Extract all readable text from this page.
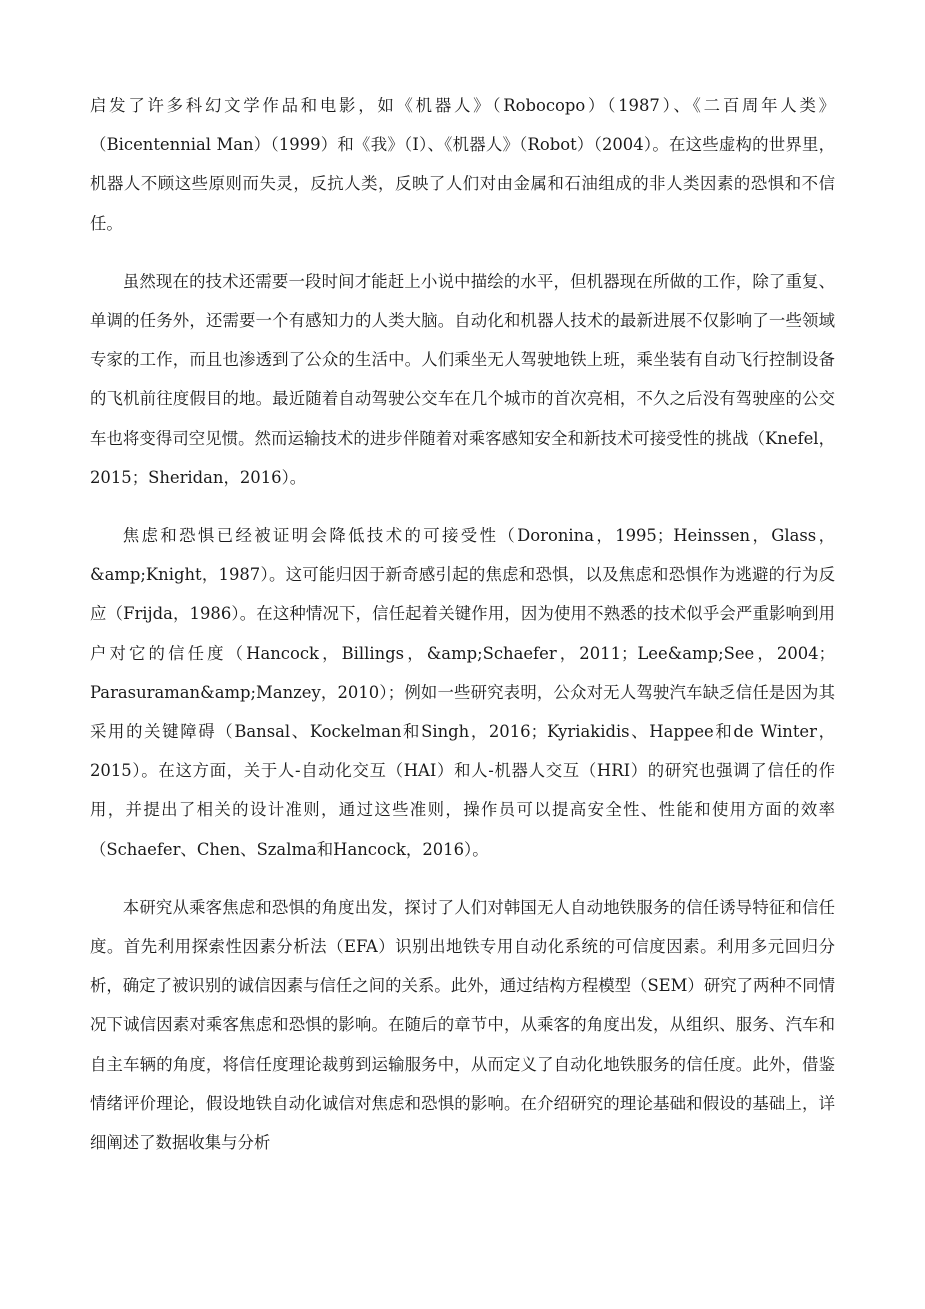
启发了许多科幻文学作品和电影，如《机器人》（Robocopo）（1987）、《二百周年人类》（Bicentennial Man）（1999）和《我》（I）、《机器人》（Robot）（2004）。在这些虚构的世界里，机器人不顾这些原则而失灵，反抗人类，反映了人们对由金属和石油组成的非人类因素的恐惧和不信任。

虽然现在的技术还需要一段时间才能赶上小说中描绘的水平，但机器现在所做的工作，除了重复、单调的任务外，还需要一个有感知力的人类大脑。自动化和机器人技术的最新进展不仅影响了一些领域专家的工作，而且也渗透到了公众的生活中。人们乘坐无人驾驶地铁上班，乘坐装有自动飞行控制设备的飞机前往度假目的地。最近随着自动驾驶公交车在几个城市的首次亮相，不久之后没有驾驶座的公交车也将变得司空见惯。然而运输技术的进步伴随着对乘客感知安全和新技术可接受性的挑战（Knefel，2015；Sheridan，2016）。

焦虑和恐惧已经被证明会降低技术的可接受性（Doronina，1995；Heinssen，Glass，&amp;Knight，1987）。这可能归因于新奇感引起的焦虑和恐惧，以及焦虑和恐惧作为逃避的行为反应（Frijda，1986）。在这种情况下，信任起着关键作用，因为使用不熟悉的技术似乎会严重影响到用户对它的信任度（Hancock，Billings，&amp;Schaefer，2011；Lee&amp;See，2004；Parasuraman&amp;Manzey，2010）；例如一些研究表明，公众对无人驾驶汽车缺乏信任是因为其采用的关键障碍（Bansal、Kockelman和Singh，2016；Kyriakidis、Happee和de Winter，2015）。在这方面，关于人-自动化交互（HAI）和人-机器人交互（HRI）的研究也强调了信任的作用，并提出了相关的设计准则，通过这些准则，操作员可以提高安全性、性能和使用方面的效率（Schaefer、Chen、Szalma和Hancock，2016）。

本研究从乘客焦虑和恐惧的角度出发，探讨了人们对韩国无人自动地铁服务的信任诱导特征和信任度。首先利用探索性因素分析法（EFA）识别出地铁专用自动化系统的可信度因素。利用多元回归分析，确定了被识别的诚信因素与信任之间的关系。此外，通过结构方程模型（SEM）研究了两种不同情况下诚信因素对乘客焦虑和恐惧的影响。在随后的章节中，从乘客的角度出发，从组织、服务、汽车和自主车辆的角度，将信任度理论裁剪到运输服务中，从而定义了自动化地铁服务的信任度。此外，借鉴情绪评价理论，假设地铁自动化诚信对焦虑和恐惧的影响。在介绍研究的理论基础和假设的基础上，详细阐述了数据收集与分析
